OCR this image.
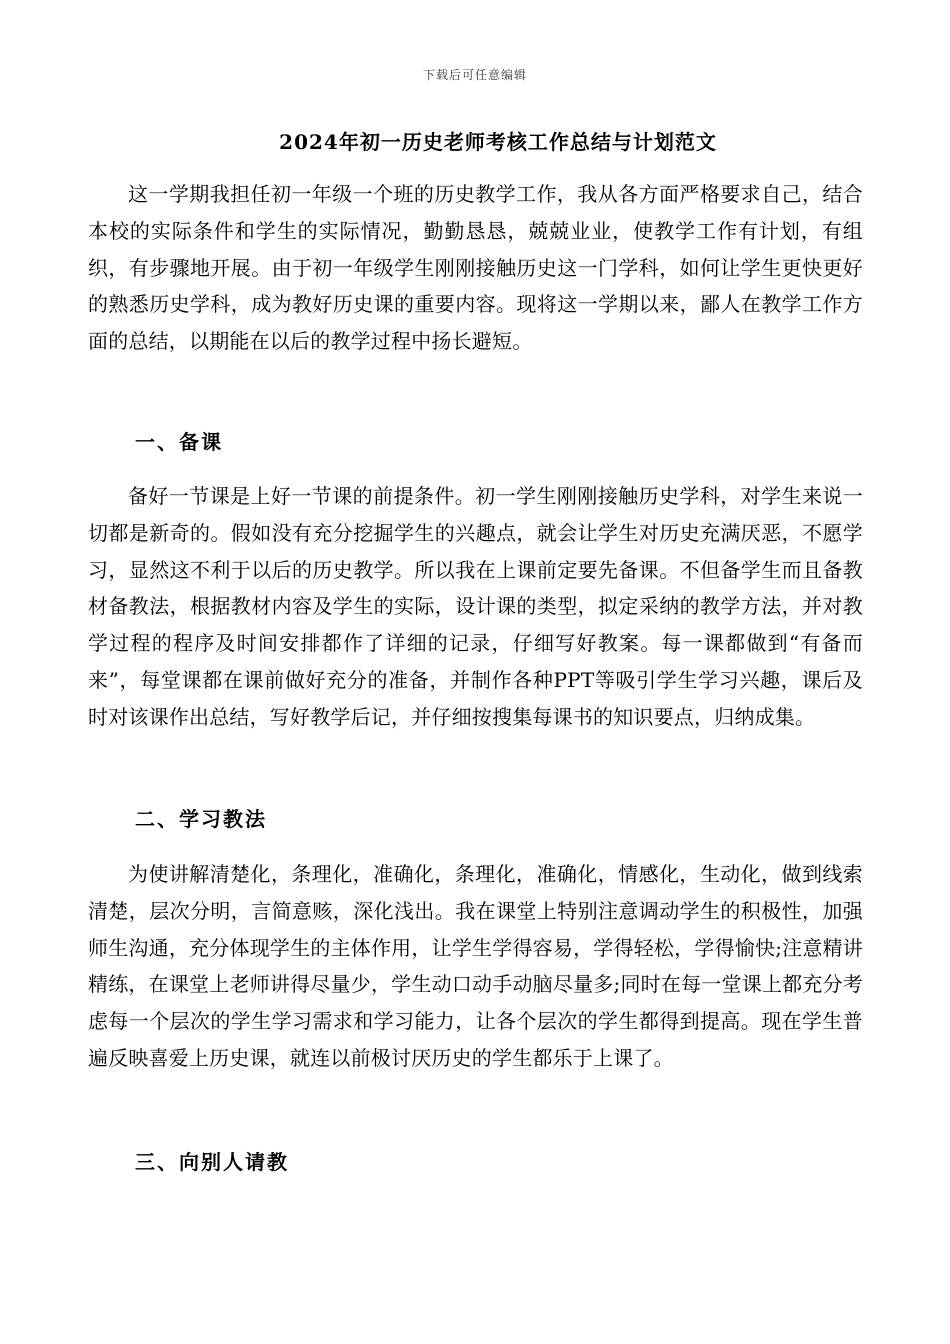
下载后可任意编辑
2024年初一历史老师考核工作总结与计划范文
这一学期我担任初一年级一个班的历史教学工作，我从各方面严格要求自己，结合本校的实际条件和学生的实际情况，勤勤恳恳，兢兢业业，使教学工作有计划，有组织，有步骤地开展。由于初一年级学生刚刚接触历史这一门学科，如何让学生更快更好的熟悉历史学科，成为教好历史课的重要内容。现将这一学期以来，鄙人在教学工作方面的总结，以期能在以后的教学过程中扬长避短。
一、备课
备好一节课是上好一节课的前提条件。初一学生刚刚接触历史学科，对学生来说一切都是新奇的。假如没有充分挖掘学生的兴趣点，就会让学生对历史充满厌恶，不愿学习，显然这不利于以后的历史教学。所以我在上课前定要先备课。不但备学生而且备教材备教法，根据教材内容及学生的实际，设计课的类型，拟定采纳的教学方法，并对教学过程的程序及时间安排都作了详细的记录，仔细写好教案。每一课都做到“有备而来”，每堂课都在课前做好充分的准备，并制作各种PPT等吸引学生学习兴趣，课后及时对该课作出总结，写好教学后记，并仔细按搜集每课书的知识要点，归纳成集。
二、学习教法
为使讲解清楚化，条理化，准确化，条理化，准确化，情感化，生动化，做到线索清楚，层次分明，言简意赅，深化浅出。我在课堂上特别注意调动学生的积极性，加强师生沟通，充分体现学生的主体作用，让学生学得容易，学得轻松，学得愉快;注意精讲精练，在课堂上老师讲得尽量少，学生动口动手动脑尽量多;同时在每一堂课上都充分考虑每一个层次的学生学习需求和学习能力，让各个层次的学生都得到提高。现在学生普遍反映喜爱上历史课，就连以前极讨厌历史的学生都乐于上课了。
三、向别人请教
